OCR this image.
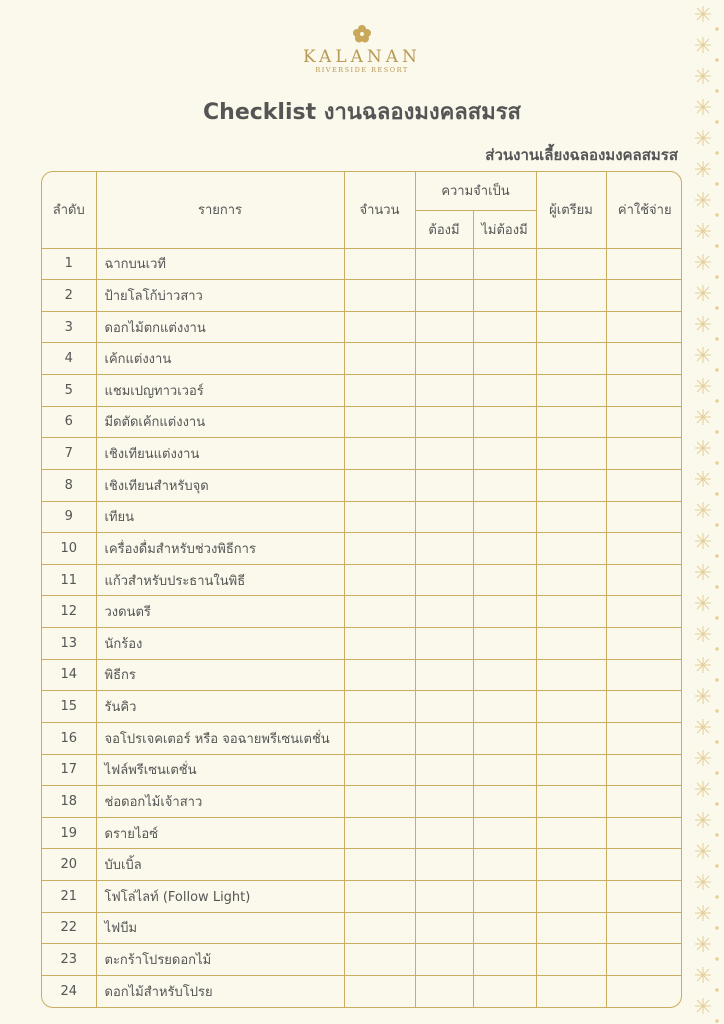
KALANAN
RIVERSIDE RESORT
Checklist งานฉลองมงคลสมรส
ส่วนงานเลี้ยงฉลองมงคลสมรส
ลำดับ	รายการ	จำนวน	ความจำเป็น		ผู้เตรียม	ค่าใช้จ่าย
			ต้องมี	ไม่ต้องมี		
1	ฉากบนเวที					
2	ป้ายโลโก้บ่าวสาว					
3	ดอกไม้ตกแต่งงาน					
4	เค้กแต่งงาน					
5	แชมเปญทาวเวอร์					
6	มีดตัดเค้กแต่งงาน					
7	เชิงเทียนแต่งงาน					
8	เชิงเทียนสำหรับจุด					
9	เทียน					
10	เครื่องดื่มสำหรับช่วงพิธีการ					
11	แก้วสำหรับประธานในพิธี					
12	วงดนตรี					
13	นักร้อง					
14	พิธีกร					
15	รันคิว					
16	จอโปรเจคเตอร์ หรือ จอฉายพรีเซนเตชั่น					
17	ไฟล์พรีเซนเตชั่น					
18	ช่อดอกไม้เจ้าสาว					
19	ดรายไอซ์					
20	บับเบิ้ล					
21	โฟโล่ไลท์ (Follow Light)					
22	ไฟบีม					
23	ตะกร้าโปรยดอกไม้					
24	ดอกไม้สำหรับโปรย					
